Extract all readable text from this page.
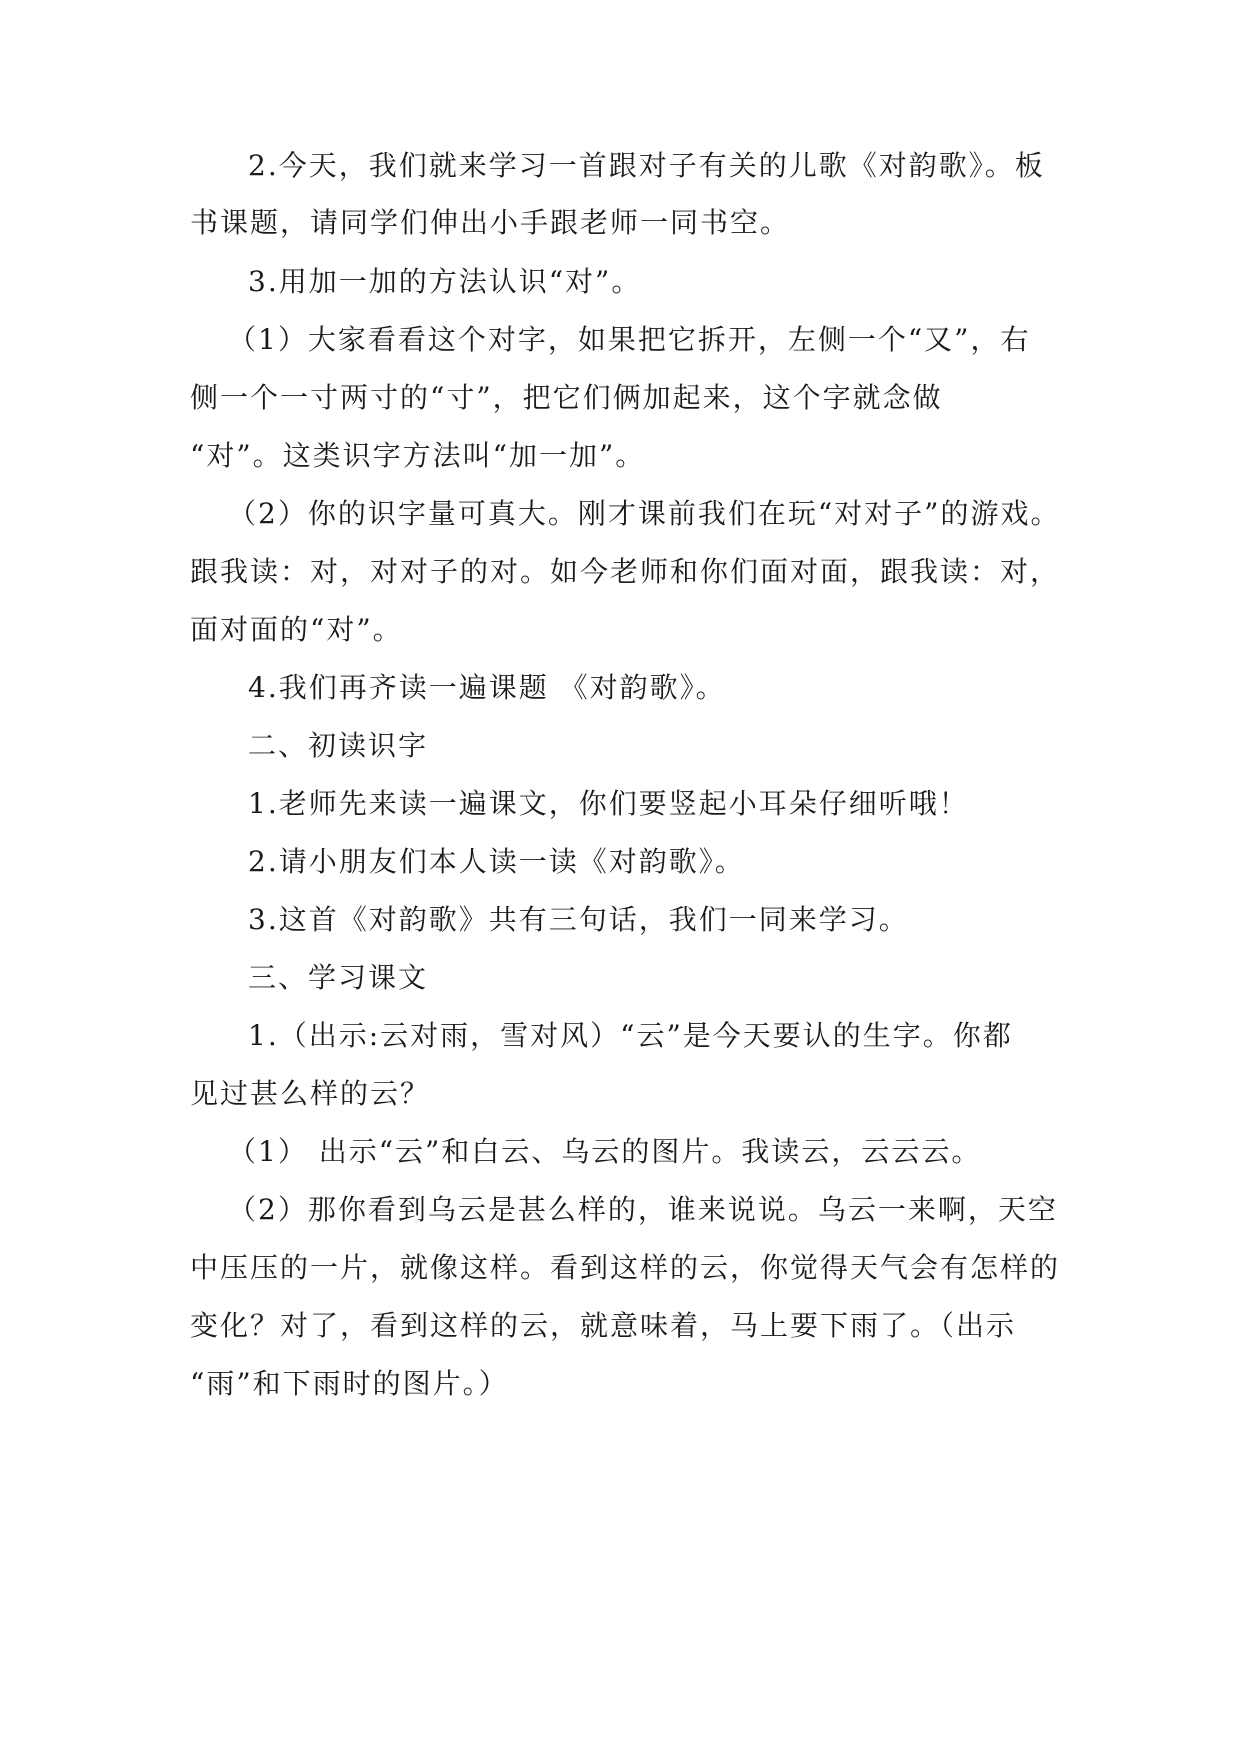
2.今天，我们就来学习一首跟对子有关的儿歌《对韵歌》。板
书课题，请同学们伸出小手跟老师一同书空。
3.用加一加的方法认识“对”。
（1）大家看看这个对字，如果把它拆开，左侧一个“又”，右
侧一个一寸两寸的“寸”，把它们俩加起来，这个字就念做
“对”。这类识字方法叫“加一加”。
（2）你的识字量可真大。刚才课前我们在玩“对对子”的游戏。
跟我读：对，对对子的对。如今老师和你们面对面，跟我读：对，
面对面的“对”。
4.我们再齐读一遍课题 《对韵歌》。
二、初读识字
1.老师先来读一遍课文，你们要竖起小耳朵仔细听哦！
2.请小朋友们本人读一读《对韵歌》。
3.这首《对韵歌》共有三句话，我们一同来学习。
三、学习课文
1.（出示:云对雨，雪对风）“云”是今天要认的生字。你都
见过甚么样的云？
（1） 出示“云”和白云、乌云的图片。我读云，云云云。
（2）那你看到乌云是甚么样的，谁来说说。乌云一来啊，天空
中压压的一片，就像这样。看到这样的云，你觉得天气会有怎样的
变化？对了，看到这样的云，就意味着，马上要下雨了。（出示
“雨”和下雨时的图片。）
